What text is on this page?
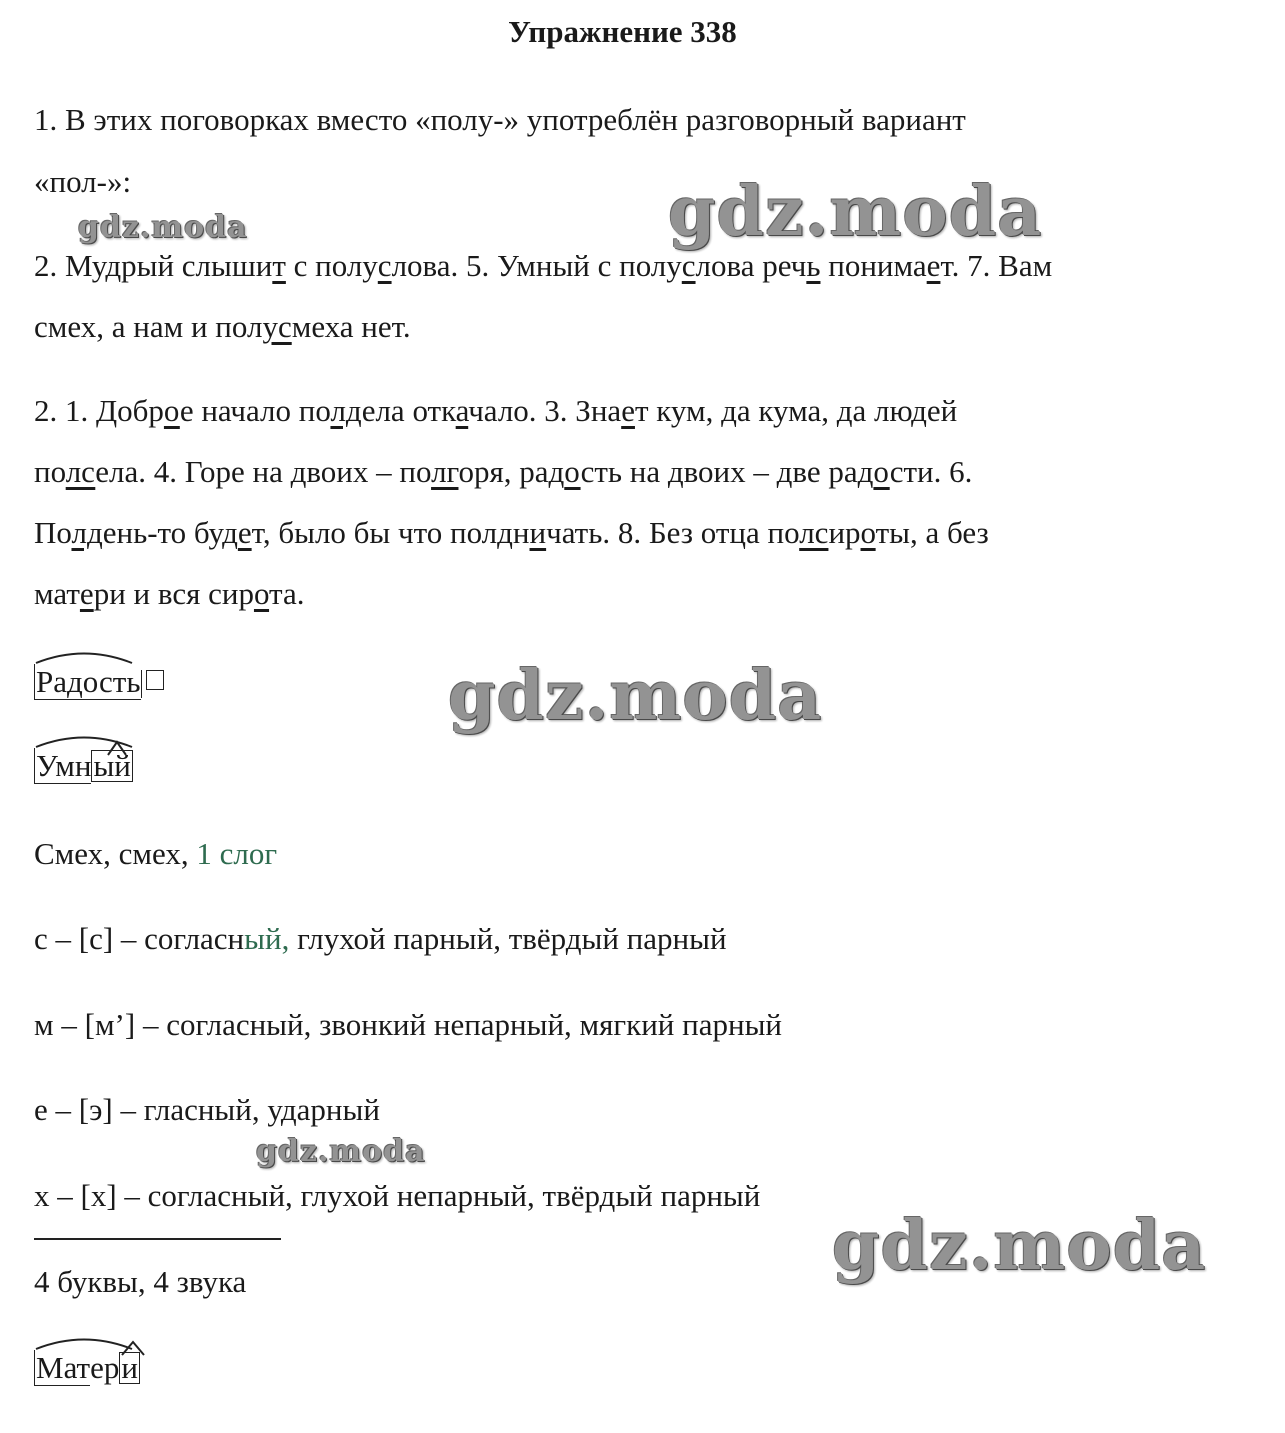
Упражнение 338
1. В этих поговорках вместо «полу-» употреблён разговорный вариант
«пол-»:
2. Мудрый слышит с полуслова. 5. Умный с полуслова речь понимает. 7. Вам
смех, а нам и полусмеха нет.
2. 1. Доброе начало полдела откачало. 3. Знает кум, да кума, да людей
полсела. 4. Горе на двоих – полгоря, радость на двоих – две радости. 6.
Полдень-то будет, было бы что полдничать. 8. Без отца полсироты, а без
матери и вся сирота.
Радость
Умный
Смех, смех, 1 слог
с – [с] – согласный, глухой парный, твёрдый парный
м – [м’] – согласный, звонкий непарный, мягкий парный
е – [э] – гласный, ударный
х – [х] – согласный, глухой непарный, твёрдый парный
4 буквы, 4 звука
Матери
gdz.moda	gdz.moda
gdz.moda
gdz.moda
gdz.moda
